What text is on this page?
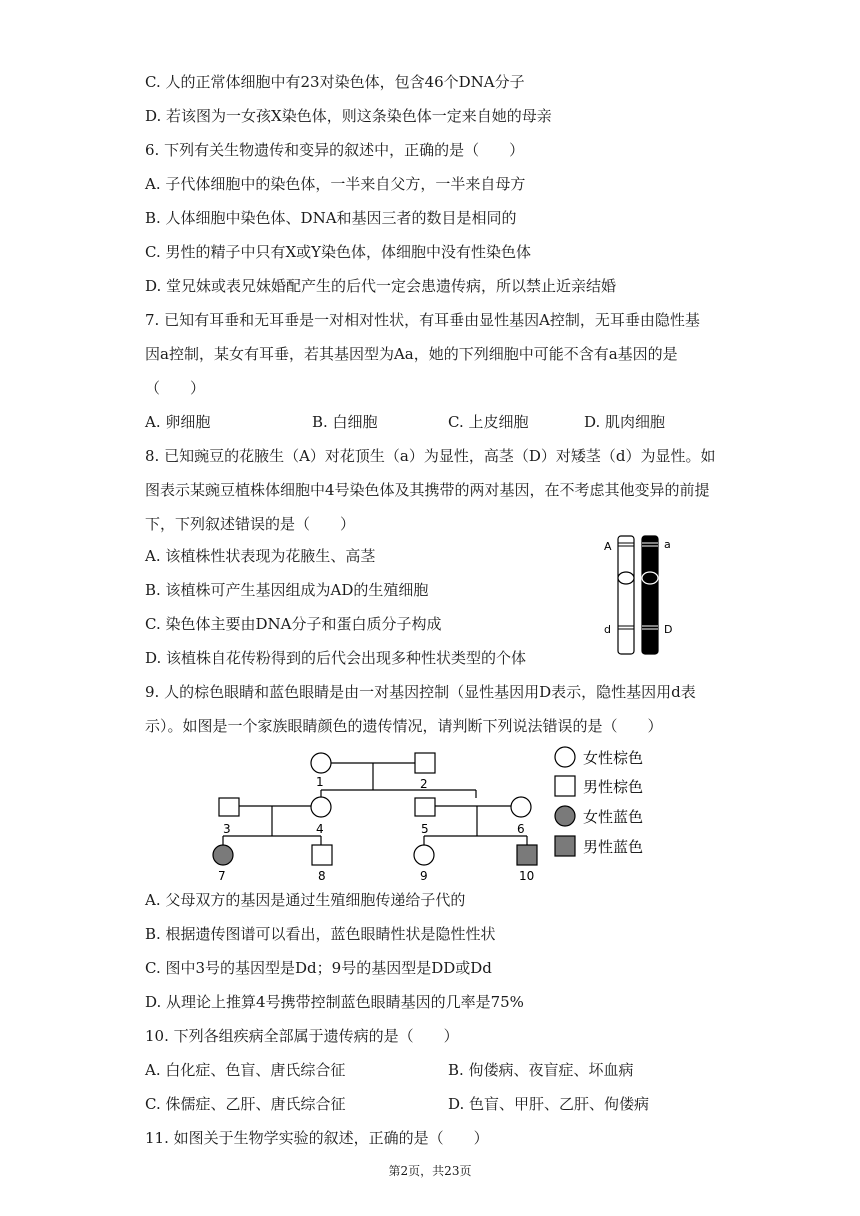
C. 人的正常体细胞中有23对染色体，包含46个DNA分子
D. 若该图为一女孩X染色体，则这条染色体一定来自她的母亲
6. 下列有关生物遗传和变异的叙述中，正确的是（　　）
A. 子代体细胞中的染色体，一半来自父方，一半来自母方
B. 人体细胞中染色体、DNA和基因三者的数目是相同的
C. 男性的精子中只有X或Y染色体，体细胞中没有性染色体
D. 堂兄妹或表兄妹婚配产生的后代一定会患遗传病，所以禁止近亲结婚
7. 已知有耳垂和无耳垂是一对相对性状，有耳垂由显性基因A控制，无耳垂由隐性基
因a控制，某女有耳垂，若其基因型为Aa，她的下列细胞中可能不含有a基因的是
（　　）
A. 卵细胞	B. 白细胞	C. 上皮细胞	D. 肌肉细胞
8. 已知豌豆的花腋生（A）对花顶生（a）为显性，高茎（D）对矮茎（d）为显性。如
图表示某豌豆植株体细胞中4号染色体及其携带的两对基因，在不考虑其他变异的前提
下，下列叙述错误的是（　　）
A. 该植株性状表现为花腋生、高茎
B. 该植株可产生基因组成为AD的生殖细胞
C. 染色体主要由DNA分子和蛋白质分子构成
D. 该植株自花传粉得到的后代会出现多种性状类型的个体
A	a
d	D
9. 人的棕色眼睛和蓝色眼睛是由一对基因控制（显性基因用D表示，隐性基因用d表
示）。如图是一个家族眼睛颜色的遗传情况，请判断下列说法错误的是（　　）
1	2
3	4	5	6
7	8	9	10
女性棕色
男性棕色
女性蓝色
男性蓝色
A. 父母双方的基因是通过生殖细胞传递给子代的
B. 根据遗传图谱可以看出，蓝色眼睛性状是隐性性状
C. 图中3号的基因型是Dd；9号的基因型是DD或Dd
D. 从理论上推算4号携带控制蓝色眼睛基因的几率是75%
10. 下列各组疾病全部属于遗传病的是（　　）
A. 白化症、色盲、唐氏综合征	B. 佝偻病、夜盲症、坏血病
C. 侏儒症、乙肝、唐氏综合征	D. 色盲、甲肝、乙肝、佝偻病
11. 如图关于生物学实验的叙述，正确的是（　　）
第2页，共23页
